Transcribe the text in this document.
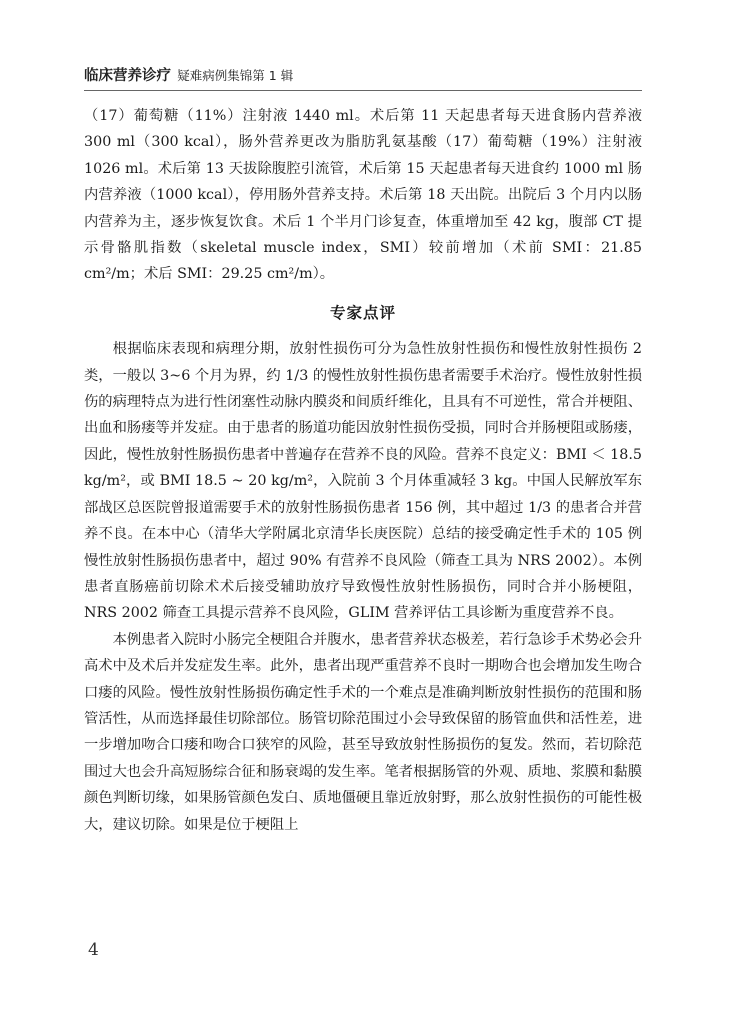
临床营养诊疗 疑难病例集锦第 1 辑

（17）葡萄糖（11%）注射液 1440 ml。术后第 11 天起患者每天进食肠内营养液 300 ml（300 kcal），肠外营养更改为脂肪乳氨基酸（17）葡萄糖（19%）注射液 1026 ml。术后第 13 天拔除腹腔引流管，术后第 15 天起患者每天进食约 1000 ml 肠内营养液（1000 kcal），停用肠外营养支持。术后第 18 天出院。出院后 3 个月内以肠内营养为主，逐步恢复饮食。术后 1 个半月门诊复查，体重增加至 42 kg，腹部 CT 提示骨骼肌指数（skeletal muscle index，SMI）较前增加（术前 SMI：21.85 cm²/m；术后 SMI：29.25 cm²/m）。

专家点评

根据临床表现和病理分期，放射性损伤可分为急性放射性损伤和慢性放射性损伤 2 类，一般以 3~6 个月为界，约 1/3 的慢性放射性损伤患者需要手术治疗。慢性放射性损伤的病理特点为进行性闭塞性动脉内膜炎和间质纤维化，且具有不可逆性，常合并梗阻、出血和肠瘘等并发症。由于患者的肠道功能因放射性损伤受损，同时合并肠梗阻或肠瘘，因此，慢性放射性肠损伤患者中普遍存在营养不良的风险。营养不良定义：BMI ＜ 18.5 kg/m²，或 BMI 18.5 ~ 20 kg/m²，入院前 3 个月体重减轻 3 kg。中国人民解放军东部战区总医院曾报道需要手术的放射性肠损伤患者 156 例，其中超过 1/3 的患者合并营养不良。在本中心（清华大学附属北京清华长庚医院）总结的接受确定性手术的 105 例慢性放射性肠损伤患者中，超过 90% 有营养不良风险（筛查工具为 NRS 2002）。本例患者直肠癌前切除术术后接受辅助放疗导致慢性放射性肠损伤，同时合并小肠梗阻，NRS 2002 筛查工具提示营养不良风险，GLIM 营养评估工具诊断为重度营养不良。

本例患者入院时小肠完全梗阻合并腹水，患者营养状态极差，若行急诊手术势必会升高术中及术后并发症发生率。此外，患者出现严重营养不良时一期吻合也会增加发生吻合口瘘的风险。慢性放射性肠损伤确定性手术的一个难点是准确判断放射性损伤的范围和肠管活性，从而选择最佳切除部位。肠管切除范围过小会导致保留的肠管血供和活性差，进一步增加吻合口瘘和吻合口狭窄的风险，甚至导致放射性肠损伤的复发。然而，若切除范围过大也会升高短肠综合征和肠衰竭的发生率。笔者根据肠管的外观、质地、浆膜和黏膜颜色判断切缘，如果肠管颜色发白、质地僵硬且靠近放射野，那么放射性损伤的可能性极大，建议切除。如果是位于梗阻上

4
